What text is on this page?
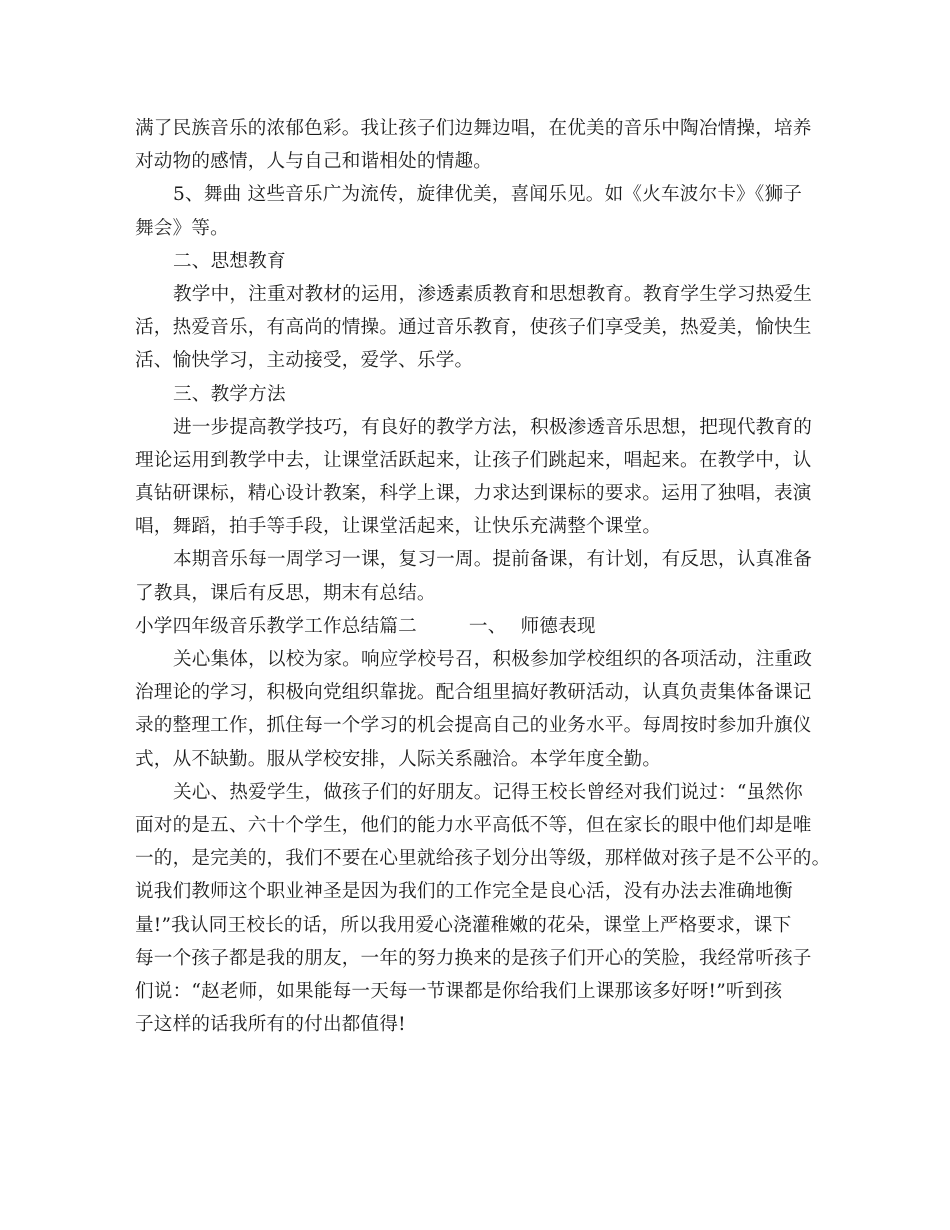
满了民族音乐的浓郁色彩。我让孩子们边舞边唱，在优美的音乐中陶冶情操，培养
对动物的感情，人与自己和谐相处的情趣。
5、舞曲 这些音乐广为流传，旋律优美，喜闻乐见。如《火车波尔卡》《狮子
舞会》等。
二、思想教育
教学中，注重对教材的运用，渗透素质教育和思想教育。教育学生学习热爱生
活，热爱音乐，有高尚的情操。通过音乐教育，使孩子们享受美，热爱美，愉快生
活、愉快学习，主动接受，爱学、乐学。
三、教学方法
进一步提高教学技巧，有良好的教学方法，积极渗透音乐思想，把现代教育的
理论运用到教学中去，让课堂活跃起来，让孩子们跳起来，唱起来。在教学中，认
真钻研课标，精心设计教案，科学上课，力求达到课标的要求。运用了独唱，表演
唱，舞蹈，拍手等手段，让课堂活起来，让快乐充满整个课堂。
本期音乐每一周学习一课，复习一周。提前备课，有计划，有反思，认真准备
了教具，课后有反思，期末有总结。
小学四年级音乐教学工作总结篇二	一、 师德表现
关心集体，以校为家。响应学校号召，积极参加学校组织的各项活动，注重政
治理论的学习，积极向党组织靠拢。配合组里搞好教研活动，认真负责集体备课记
录的整理工作，抓住每一个学习的机会提高自己的业务水平。每周按时参加升旗仪
式，从不缺勤。服从学校安排，人际关系融洽。本学年度全勤。
关心、热爱学生，做孩子们的好朋友。记得王校长曾经对我们说过：“虽然你
面对的是五、六十个学生，他们的能力水平高低不等，但在家长的眼中他们却是唯
一的，是完美的，我们不要在心里就给孩子划分出等级，那样做对孩子是不公平的。
说我们教师这个职业神圣是因为我们的工作完全是良心活，没有办法去准确地衡
量!”我认同王校长的话，所以我用爱心浇灌稚嫩的花朵，课堂上严格要求，课下
每一个孩子都是我的朋友，一年的努力换来的是孩子们开心的笑脸，我经常听孩子
们说：“赵老师，如果能每一天每一节课都是你给我们上课那该多好呀!”听到孩
子这样的话我所有的付出都值得!
